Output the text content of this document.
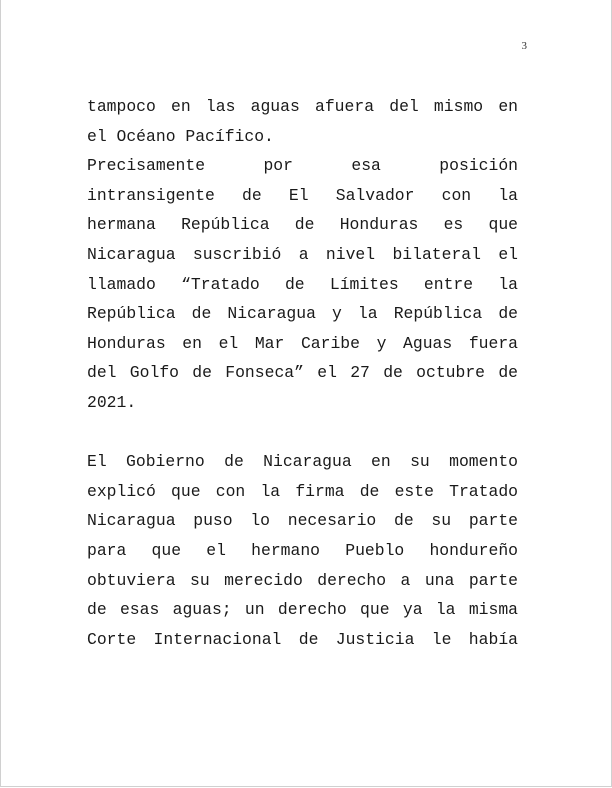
3

tampoco en las aguas afuera del mismo en
el Océano Pacífico.

Precisamente por esa posición
intransigente de El Salvador con la
hermana República de Honduras es que
Nicaragua suscribió a nivel bilateral el
llamado “Tratado de Límites entre la
República de Nicaragua y la República de
Honduras en el Mar Caribe y Aguas fuera
del Golfo de Fonseca” el 27 de octubre de
2021.

El Gobierno de Nicaragua en su momento
explicó que con la firma de este Tratado
Nicaragua puso lo necesario de su parte
para que el hermano Pueblo hondureño
obtuviera su merecido derecho a una parte
de esas aguas; un derecho que ya la misma
Corte Internacional de Justicia le había
